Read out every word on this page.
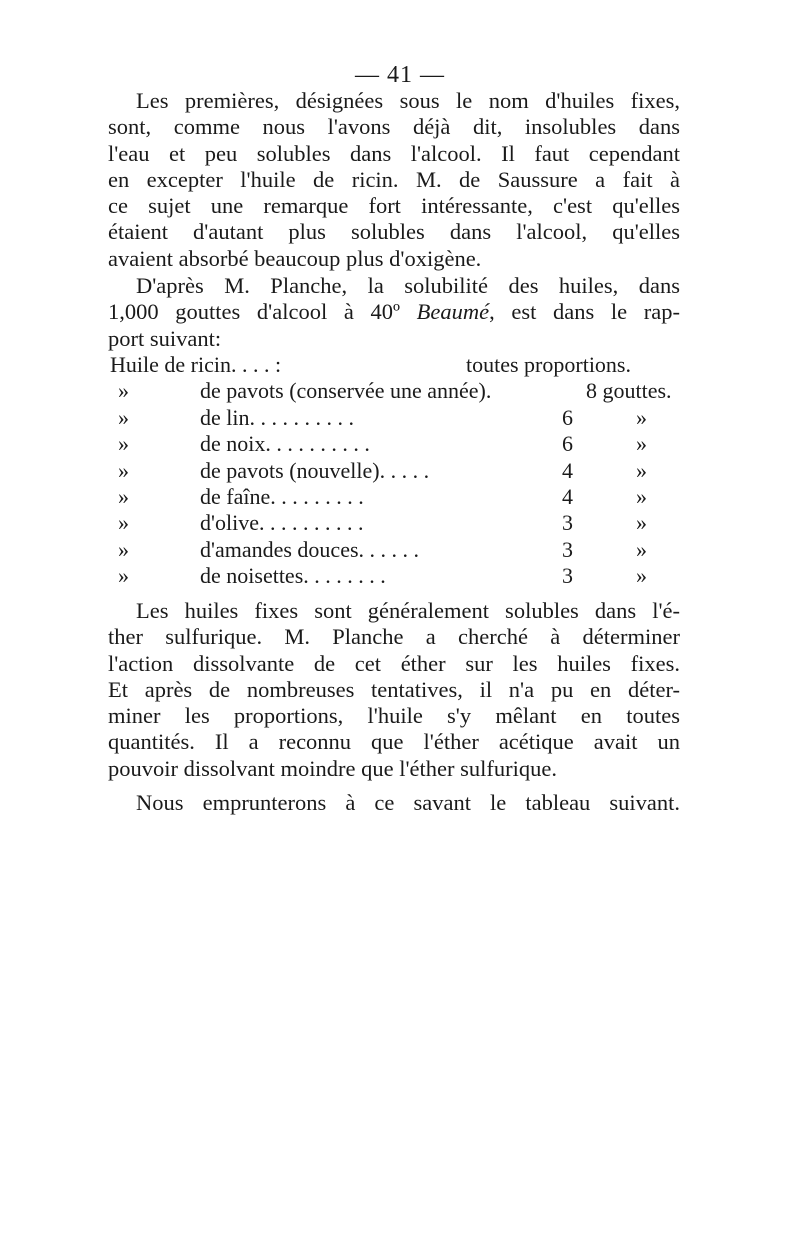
— 41 —
Les premières, désignées sous le nom d'huiles fixes,
sont, comme nous l'avons déjà dit, insolubles dans
l'eau et peu solubles dans l'alcool. Il faut cependant
en excepter l'huile de ricin. M. de Saussure a fait à
ce sujet une remarque fort intéressante, c'est qu'elles
étaient d'autant plus solubles dans l'alcool, qu'elles
avaient absorbé beaucoup plus d'oxigène.
D'après M. Planche, la solubilité des huiles, dans
1,000 gouttes d'alcool à 40º Beaumé, est dans le rap-
port suivant:
Huile de ricin. . . . :	toutes proportions.
»	de pavots (conservée une année).	8 gouttes.
»	de lin. . . . . . . . . .	6	»
»	de noix. . . . . . . . . .	6	»
»	de pavots (nouvelle). . . . .	4	»
»	de faîne. . . . . . . . .	4	»
»	d'olive. . . . . . . . . .	3	»
»	d'amandes douces. . . . . .	3	»
»	de noisettes. . . . . . . .	3	»
Les huiles fixes sont généralement solubles dans l'é-
ther sulfurique. M. Planche a cherché à déterminer
l'action dissolvante de cet éther sur les huiles fixes.
Et après de nombreuses tentatives, il n'a pu en déter-
miner les proportions, l'huile s'y mêlant en toutes
quantités. Il a reconnu que l'éther acétique avait un
pouvoir dissolvant moindre que l'éther sulfurique.
Nous emprunterons à ce savant le tableau suivant.
